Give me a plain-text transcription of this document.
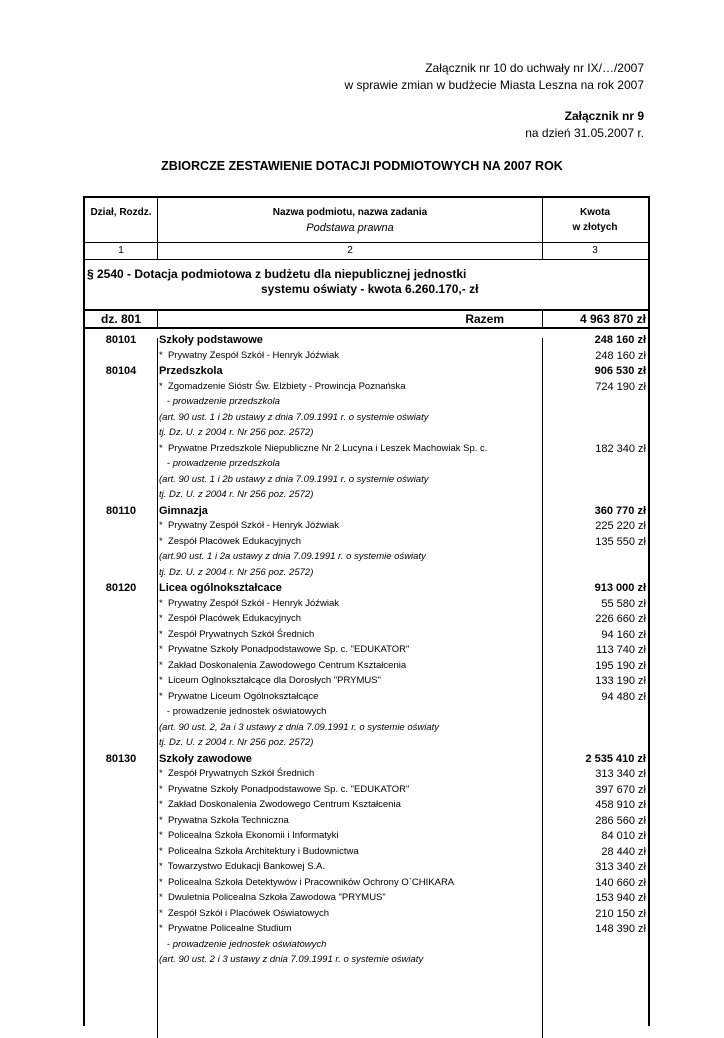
Załącznik nr 10 do uchwały nr IX/…/2007
w sprawie zmian w budżecie Miasta Leszna na rok 2007
Załącznik nr 9
na dzień 31.05.2007 r.
ZBIORCZE ZESTAWIENIE DOTACJI PODMIOTOWYCH NA 2007 ROK
Dział, Rozdz.	Nazwa podmiotu, nazwa zadania
Podstawa prawna
Kwota
w złotych
1	2	3
§ 2540 - Dotacja podmiotowa z budżetu dla niepublicznej jednostki
systemu oświaty - kwota 6.260.170,- zł
dz. 801	Razem	4 963 870 zł
80101	Szkoły podstawowe	248 160 zł
*  Prywatny Zespół Szkół - Henryk Jóźwiak	248 160 zł
80104	Przedszkola	906 530 zł
*  Zgomadzenie Sióstr Św. Elżbiety - Prowincja Poznańska	724 190 zł
- prowadzenie przedszkola
(art. 90 ust. 1 i 2b ustawy z dnia 7.09.1991 r. o systemie oświaty
tj. Dz. U. z 2004 r. Nr 256 poz. 2572)
*  Prywatne Przedszkole Niepubliczne Nr 2 Lucyna i Leszek Machowiak Sp. c.	182 340 zł
- prowadzenie przedszkola
(art. 90 ust. 1 i 2b ustawy z dnia 7.09.1991 r. o systemie oświaty
tj. Dz. U. z 2004 r. Nr 256 poz. 2572)
80110	Gimnazja	360 770 zł
*  Prywatny Zespół Szkół - Henryk Jóźwiak	225 220 zł
*  Zespół Placówek Edukacyjnych	135 550 zł
(art.90 ust. 1 i 2a ustawy z dnia 7.09.1991 r. o systemie oświaty
tj. Dz. U. z 2004 r. Nr 256 poz. 2572)
80120	Licea ogólnokształcace	913 000 zł
*  Prywatny Zespół Szkół - Henryk Jóźwiak	55 580 zł
*  Zespół Placówek Edukacyjnych	226 660 zł
*  Zespół Prywatnych Szkół Średnich	94 160 zł
*  Prywatne Szkoły Ponadpodstawowe Sp. c. "EDUKATOR"	113 740 zł
*  Zakład Doskonalenia Zawodowego Centrum Kształcenia	195 190 zł
*  Liceum Oglnokształcące dla Dorosłych "PRYMUS"	133 190 zł
*  Prywatne Liceum Ogólnokształcące	94 480 zł
- prowadzenie jednostek oświatowych
(art. 90 ust. 2, 2a i 3 ustawy z dnia 7.09.1991 r. o systemie oświaty
tj. Dz. U. z 2004 r. Nr 256 poz. 2572)
80130	Szkoły zawodowe	2 535 410 zł
*  Zespół Prywatnych Szkół Średnich	313 340 zł
*  Prywatne Szkoły Ponadpodstawowe Sp. c. "EDUKATOR"	397 670 zł
*  Zakład Doskonalenia Zwodowego Centrum Kształcenia	458 910 zł
*  Prywatna Szkoła Techniczna	286 560 zł
*  Policealna Szkoła Ekonomii i Informatyki	84 010 zł
*  Policealna Szkoła Architektury i Budownictwa	28 440 zł
*  Towarzystwo Edukacji Bankowej S.A.	313 340 zł
*  Policealna Szkoła Detektywów i Pracowników Ochrony O`CHIKARA	140 660 zł
*  Dwuletnia Policealna Szkoła Zawodowa "PRYMUS"	153 940 zł
*  Zespół Szkół i Placówek Oświatowych	210 150 zł
*  Prywatne Policealne Studium	148 390 zł
- prowadzenie jednostek oświatowych
(art. 90 ust. 2 i 3 ustawy z dnia 7.09.1991 r. o systemie oświaty
